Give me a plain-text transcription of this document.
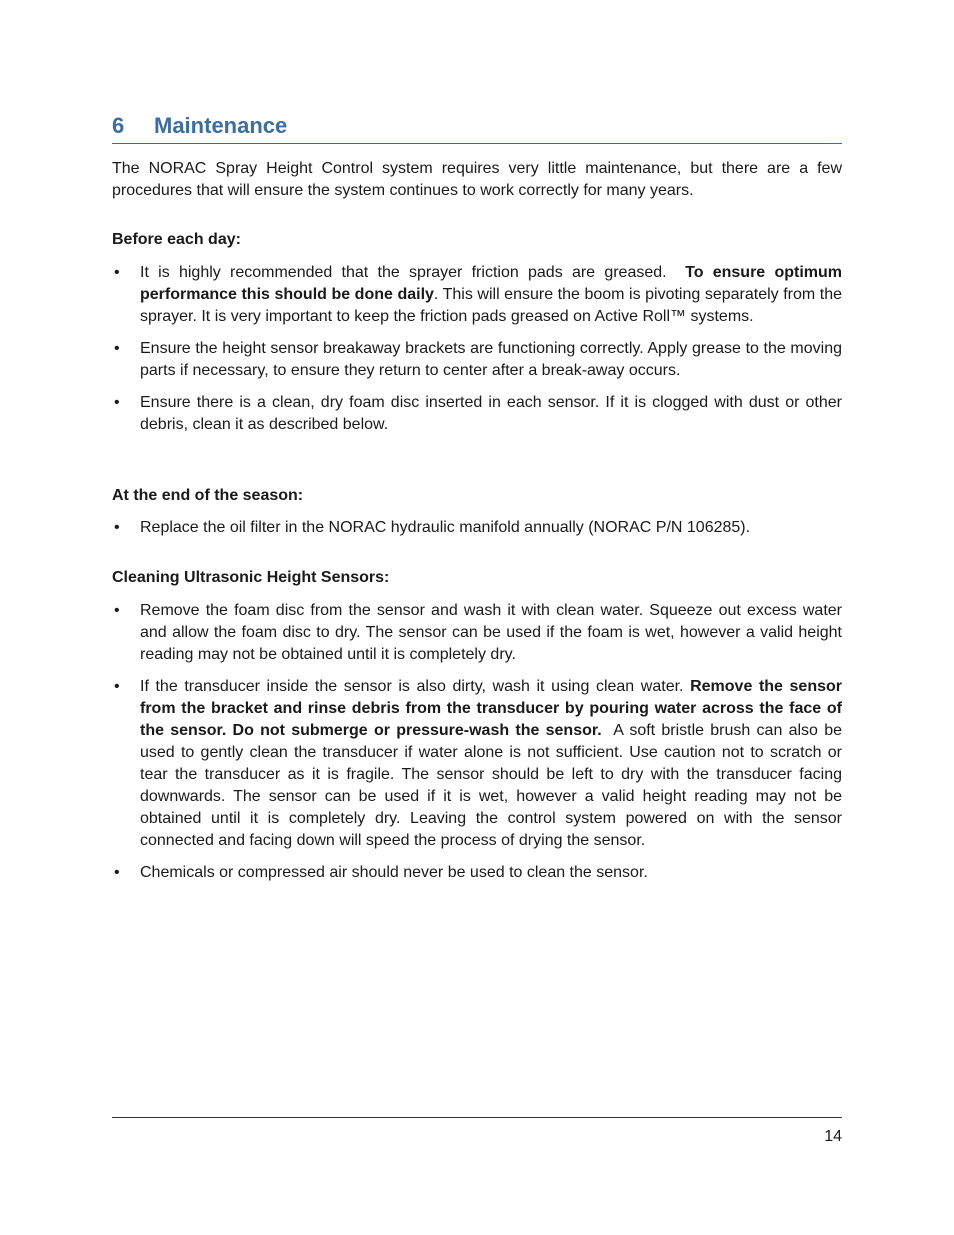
6 Maintenance

The NORAC Spray Height Control system requires very little maintenance, but there are a few procedures that will ensure the system continues to work correctly for many years.

Before each day:

• It is highly recommended that the sprayer friction pads are greased. To ensure optimum performance this should be done daily. This will ensure the boom is pivoting separately from the sprayer. It is very important to keep the friction pads greased on Active Roll™ systems.

• Ensure the height sensor breakaway brackets are functioning correctly. Apply grease to the moving parts if necessary, to ensure they return to center after a break-away occurs.

• Ensure there is a clean, dry foam disc inserted in each sensor. If it is clogged with dust or other debris, clean it as described below.

At the end of the season:

• Replace the oil filter in the NORAC hydraulic manifold annually (NORAC P/N 106285).

Cleaning Ultrasonic Height Sensors:

• Remove the foam disc from the sensor and wash it with clean water. Squeeze out excess water and allow the foam disc to dry. The sensor can be used if the foam is wet, however a valid height reading may not be obtained until it is completely dry.

• If the transducer inside the sensor is also dirty, wash it using clean water. Remove the sensor from the bracket and rinse debris from the transducer by pouring water across the face of the sensor. Do not submerge or pressure-wash the sensor. A soft bristle brush can also be used to gently clean the transducer if water alone is not sufficient. Use caution not to scratch or tear the transducer as it is fragile. The sensor should be left to dry with the transducer facing downwards. The sensor can be used if it is wet, however a valid height reading may not be obtained until it is completely dry. Leaving the control system powered on with the sensor connected and facing down will speed the process of drying the sensor.

• Chemicals or compressed air should never be used to clean the sensor.

14
